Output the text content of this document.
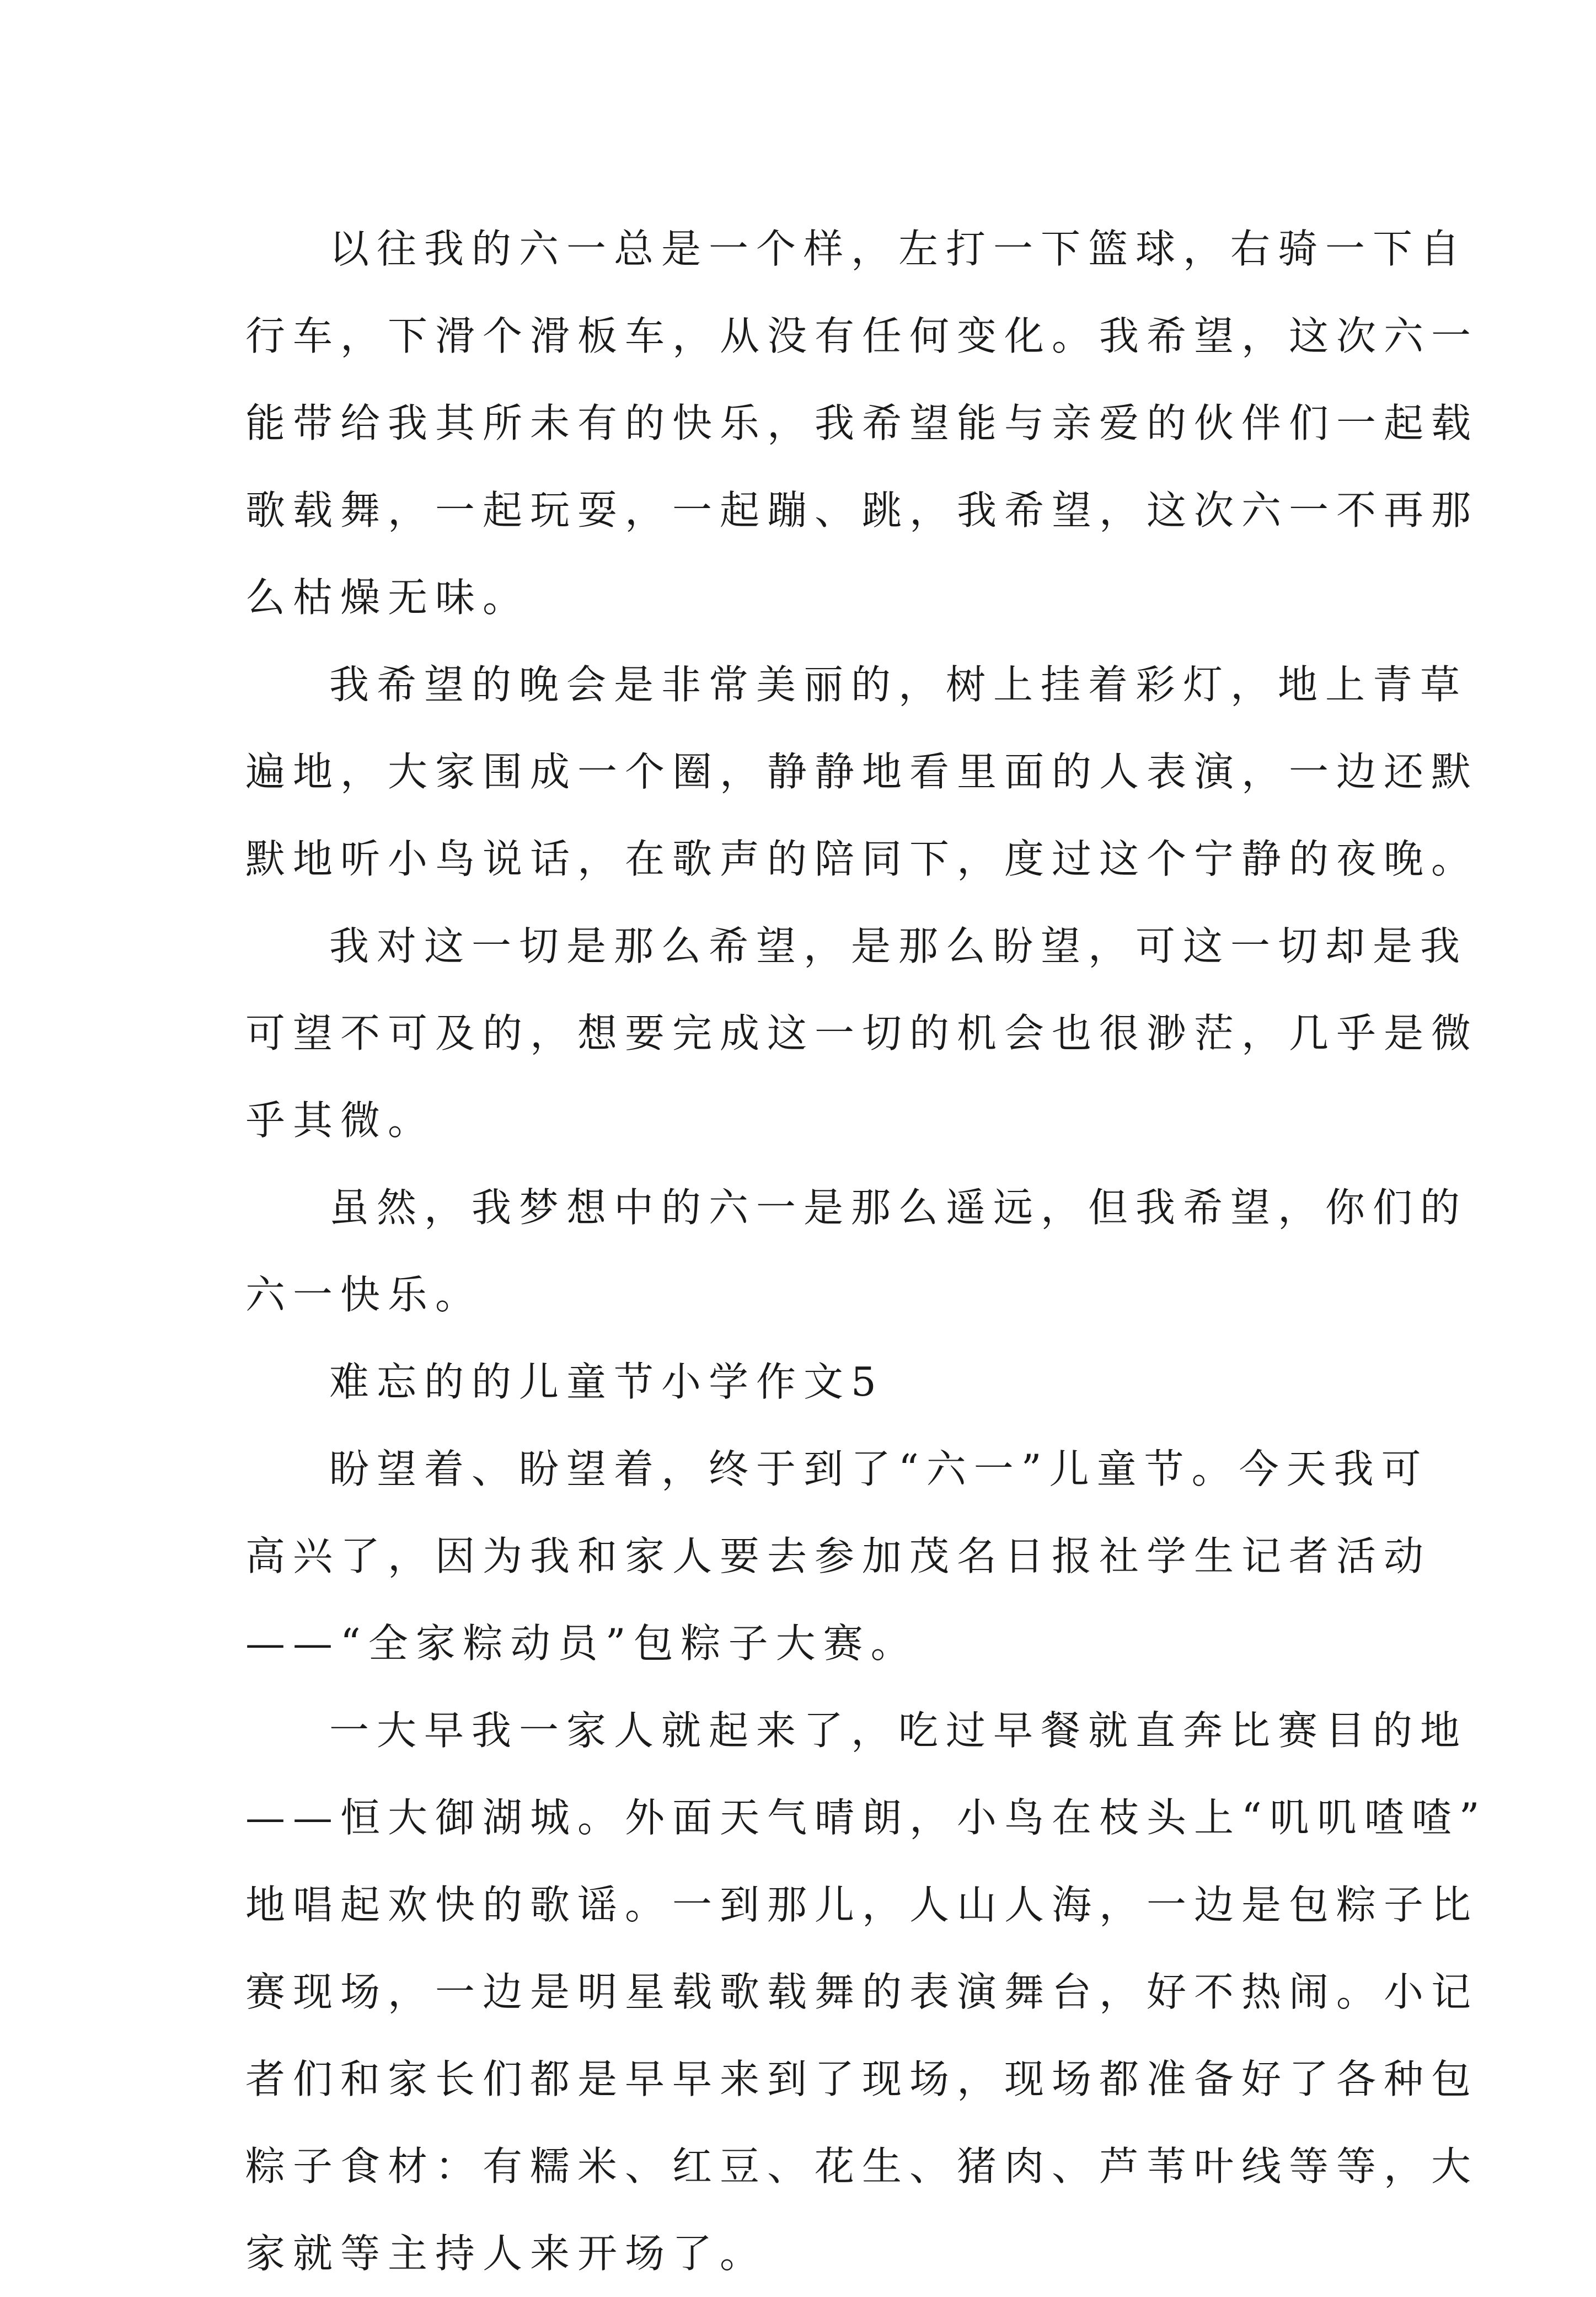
以往我的六一总是一个样，左打一下篮球，右骑一下自
行车，下滑个滑板车，从没有任何变化。我希望，这次六一
能带给我其所未有的快乐，我希望能与亲爱的伙伴们一起载
歌载舞，一起玩耍，一起蹦、跳，我希望，这次六一不再那
么枯燥无味。
我希望的晚会是非常美丽的，树上挂着彩灯，地上青草
遍地，大家围成一个圈，静静地看里面的人表演，一边还默
默地听小鸟说话，在歌声的陪同下，度过这个宁静的夜晚。
我对这一切是那么希望，是那么盼望，可这一切却是我
可望不可及的，想要完成这一切的机会也很渺茫，几乎是微
乎其微。
虽然，我梦想中的六一是那么遥远，但我希望，你们的
六一快乐。
难忘的的儿童节小学作文5
盼望着、盼望着，终于到了“六一”儿童节。今天我可
高兴了，因为我和家人要去参加茂名日报社学生记者活动
——“全家粽动员”包粽子大赛。
一大早我一家人就起来了，吃过早餐就直奔比赛目的地
——恒大御湖城。外面天气晴朗，小鸟在枝头上“叽叽喳喳”
地唱起欢快的歌谣。一到那儿，人山人海，一边是包粽子比
赛现场，一边是明星载歌载舞的表演舞台，好不热闹。小记
者们和家长们都是早早来到了现场，现场都准备好了各种包
粽子食材：有糯米、红豆、花生、猪肉、芦苇叶线等等，大
家就等主持人来开场了。
